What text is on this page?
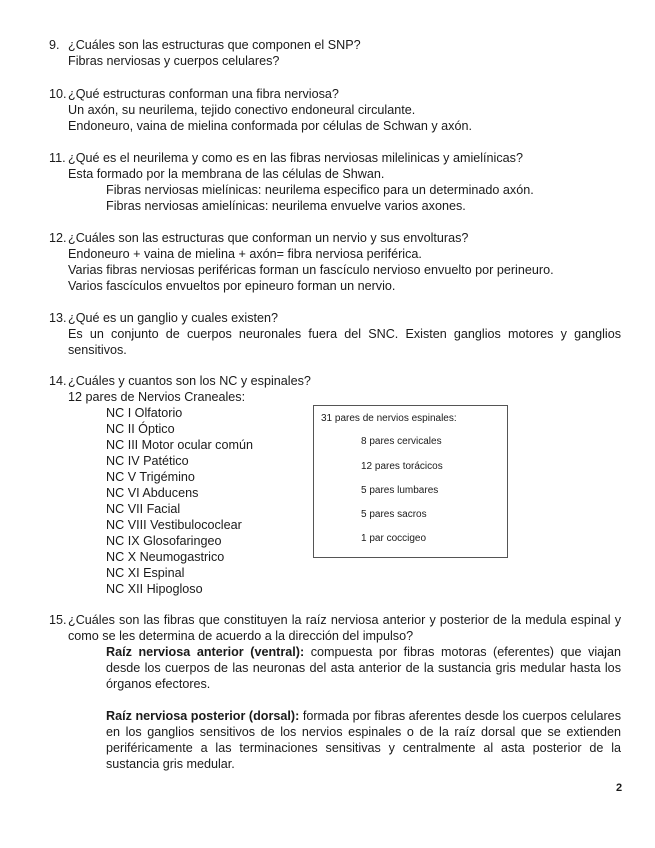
9. ¿Cuáles son las estructuras que componen el SNP?
Fibras nerviosas y cuerpos celulares?
10. ¿Qué estructuras conforman una fibra nerviosa?
Un axón, su neurilema, tejido conectivo endoneural circulante.
Endoneuro, vaina de mielina conformada por células de Schwan y axón.
11. ¿Qué es el neurilema y como es en las fibras nerviosas milelinicas y amielínicas?
Esta formado por la membrana de las células de Shwan.
Fibras nerviosas mielínicas: neurilema especifico para un determinado axón.
Fibras nerviosas amielínicas: neurilema envuelve varios axones.
12. ¿Cuáles son las estructuras que conforman un nervio y sus envolturas?
Endoneuro + vaina de mielina + axón= fibra nerviosa periférica.
Varias fibras nerviosas periféricas forman un fascículo nervioso envuelto por perineuro.
Varios fascículos envueltos por epineuro forman un nervio.
13. ¿Qué es un ganglio y cuales existen?
Es un conjunto de cuerpos neuronales fuera del SNC. Existen ganglios motores y ganglios sensitivos.
14. ¿Cuáles y cuantos son los NC y espinales?
12 pares de Nervios Craneales:
NC I Olfatorio
NC II Óptico
NC III Motor ocular común
NC IV Patético
NC V Trigémino
NC VI Abducens
NC VII Facial
NC VIII Vestibulococlear
NC IX Glosofaringeo
NC X Neumogastrico
NC XI Espinal
NC XII Hipogloso
31 pares de nervios espinales:
8 pares cervicales
12 pares torácicos
5 pares lumbares
5 pares sacros
1 par coccigeo
15. ¿Cuáles son las fibras que constituyen la raíz nerviosa anterior y posterior de la medula espinal y como se les determina de acuerdo a la dirección del impulso?
Raíz nerviosa anterior (ventral): compuesta por fibras motoras (eferentes) que viajan desde los cuerpos de las neuronas del asta anterior de la sustancia gris medular hasta los órganos efectores.
Raíz nerviosa posterior (dorsal): formada por fibras aferentes desde los cuerpos celulares en los ganglios sensitivos de los nervios espinales o de la raíz dorsal que se extienden periféricamente a las terminaciones sensitivas y centralmente al asta posterior de la sustancia gris medular.
2
